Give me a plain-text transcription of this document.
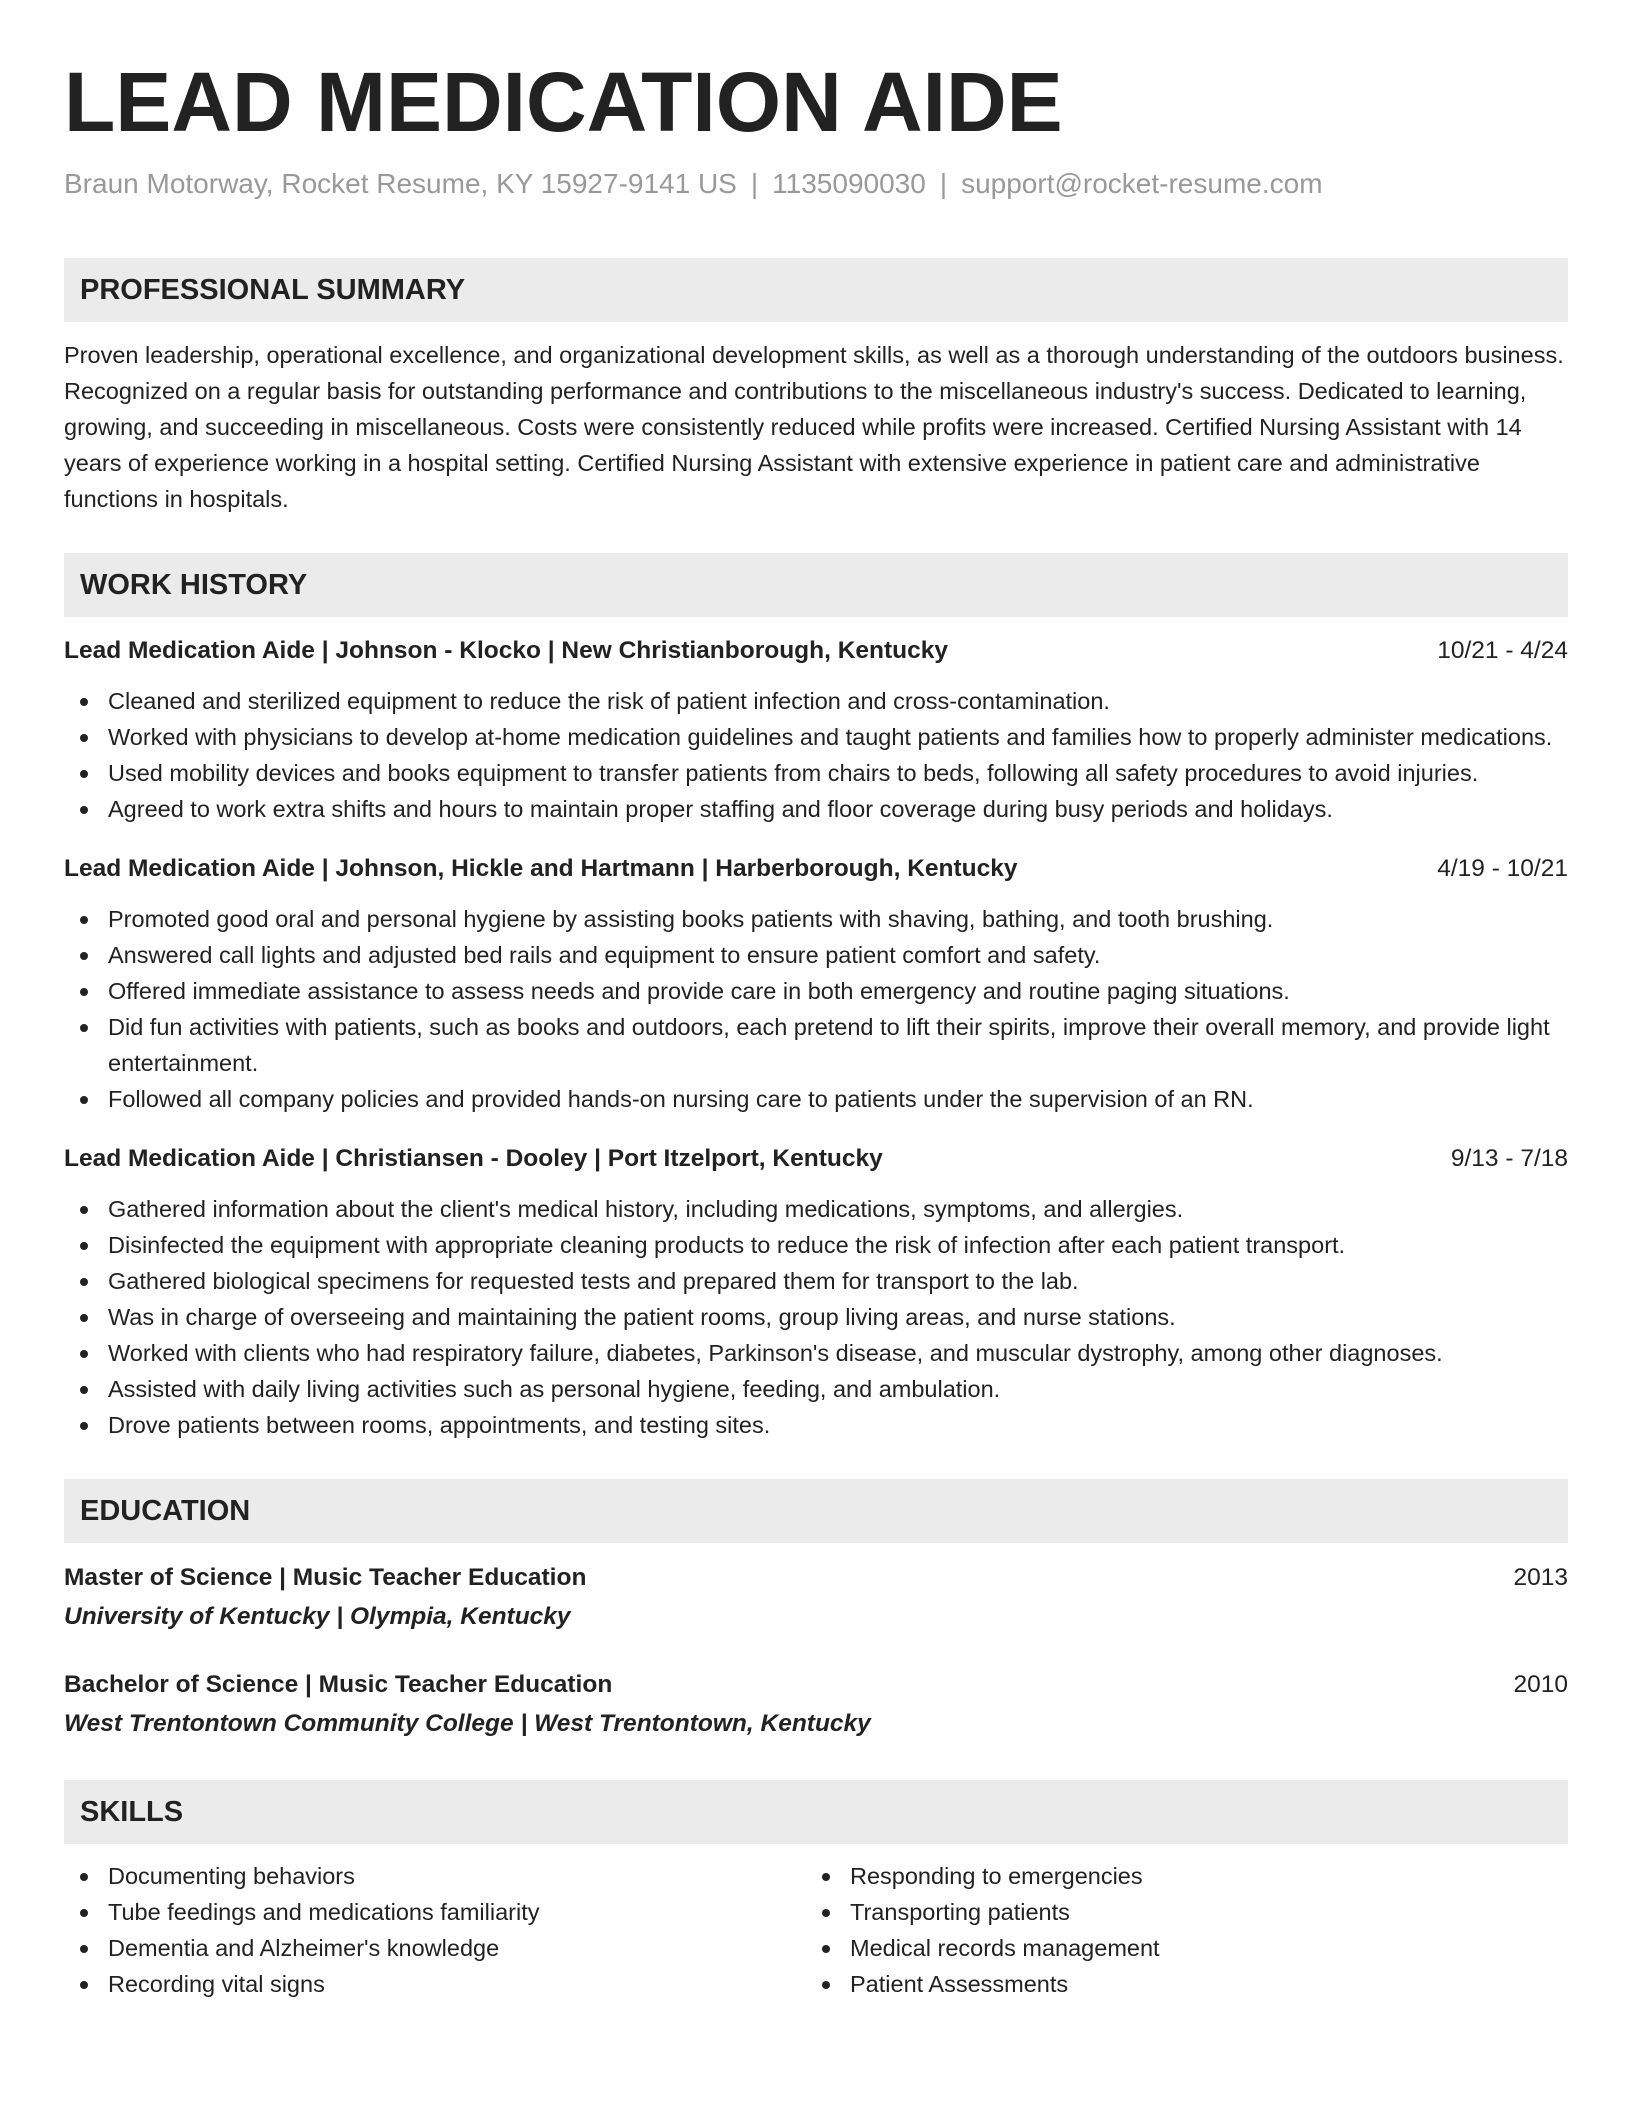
LEAD MEDICATION AIDE
Braun Motorway, Rocket Resume, KY 15927-9141 US | 1135090030 | support@rocket-resume.com
PROFESSIONAL SUMMARY
Proven leadership, operational excellence, and organizational development skills, as well as a thorough understanding of the outdoors business. Recognized on a regular basis for outstanding performance and contributions to the miscellaneous industry's success. Dedicated to learning, growing, and succeeding in miscellaneous. Costs were consistently reduced while profits were increased. Certified Nursing Assistant with 14 years of experience working in a hospital setting. Certified Nursing Assistant with extensive experience in patient care and administrative functions in hospitals.
WORK HISTORY
Lead Medication Aide | Johnson - Klocko | New Christianborough, Kentucky	10/21 - 4/24
Cleaned and sterilized equipment to reduce the risk of patient infection and cross-contamination.
Worked with physicians to develop at-home medication guidelines and taught patients and families how to properly administer medications.
Used mobility devices and books equipment to transfer patients from chairs to beds, following all safety procedures to avoid injuries.
Agreed to work extra shifts and hours to maintain proper staffing and floor coverage during busy periods and holidays.
Lead Medication Aide | Johnson, Hickle and Hartmann | Harberborough, Kentucky	4/19 - 10/21
Promoted good oral and personal hygiene by assisting books patients with shaving, bathing, and tooth brushing.
Answered call lights and adjusted bed rails and equipment to ensure patient comfort and safety.
Offered immediate assistance to assess needs and provide care in both emergency and routine paging situations.
Did fun activities with patients, such as books and outdoors, each pretend to lift their spirits, improve their overall memory, and provide light entertainment.
Followed all company policies and provided hands-on nursing care to patients under the supervision of an RN.
Lead Medication Aide | Christiansen - Dooley | Port Itzelport, Kentucky	9/13 - 7/18
Gathered information about the client's medical history, including medications, symptoms, and allergies.
Disinfected the equipment with appropriate cleaning products to reduce the risk of infection after each patient transport.
Gathered biological specimens for requested tests and prepared them for transport to the lab.
Was in charge of overseeing and maintaining the patient rooms, group living areas, and nurse stations.
Worked with clients who had respiratory failure, diabetes, Parkinson's disease, and muscular dystrophy, among other diagnoses.
Assisted with daily living activities such as personal hygiene, feeding, and ambulation.
Drove patients between rooms, appointments, and testing sites.
EDUCATION
Master of Science | Music Teacher Education	2013
University of Kentucky | Olympia, Kentucky
Bachelor of Science | Music Teacher Education	2010
West Trentontown Community College | West Trentontown, Kentucky
SKILLS
Documenting behaviors
Tube feedings and medications familiarity
Dementia and Alzheimer's knowledge
Recording vital signs
Responding to emergencies
Transporting patients
Medical records management
Patient Assessments
